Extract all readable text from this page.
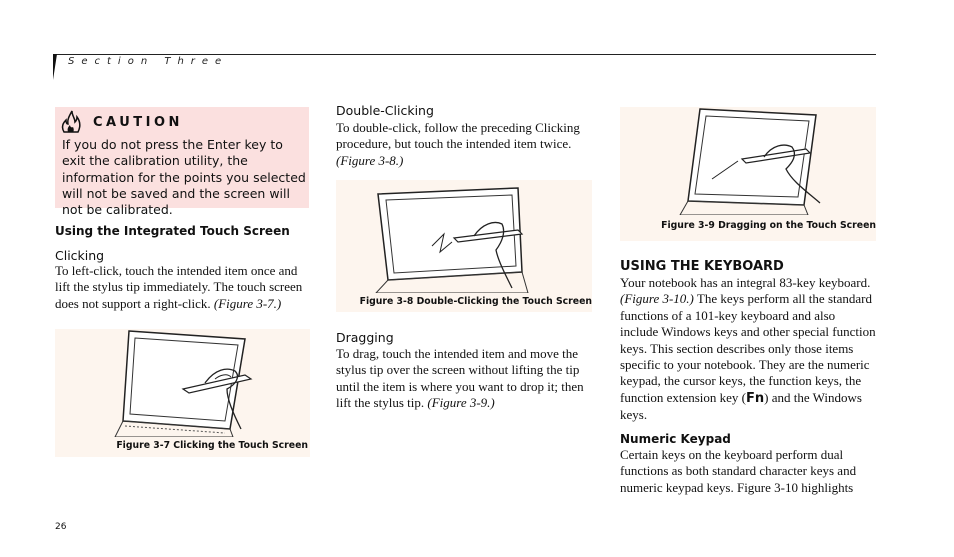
Section Three
CAUTION
If you do not press the Enter key to exit the calibration utility, the information for the points you selected will not be saved and the screen will not be calibrated.
Using the Integrated Touch Screen
Clicking
To left-click, touch the intended item once and lift the stylus tip immediately. The touch screen does not support a right-click. (Figure 3-7.)
Figure 3-7 Clicking the Touch Screen
Double-Clicking
To double-click, follow the preceding Clicking procedure, but touch the intended item twice. (Figure 3-8.)
Figure 3-8 Double-Clicking the Touch Screen
Dragging
To drag, touch the intended item and move the stylus tip over the screen without lifting the tip until the item is where you want to drop it; then lift the stylus tip. (Figure 3-9.)
Figure 3-9 Dragging on the Touch Screen
USING THE KEYBOARD
Your notebook has an integral 83-key keyboard. (Figure 3-10.) The keys perform all the standard functions of a 101-key keyboard and also include Windows keys and other special function keys. This section describes only those items specific to your notebook. They are the numeric keypad, the cursor keys, the function keys, the function extension key (Fn) and the Windows keys.
Numeric Keypad
Certain keys on the keyboard perform dual functions as both standard character keys and numeric keypad keys. Figure 3-10 highlights
26
